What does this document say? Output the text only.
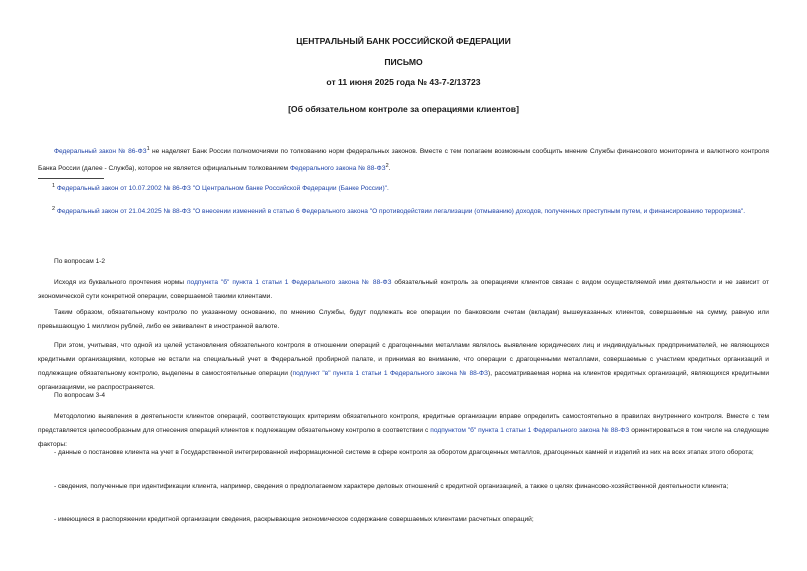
ЦЕНТРАЛЬНЫЙ БАНК РОССИЙСКОЙ ФЕДЕРАЦИИ
ПИСЬМО
от 11 июня 2025 года № 43-7-2/13723
[Об обязательном контроле за операциями клиентов]
Федеральный закон № $86-ФЗ^1$ не наделяет Банк России полномочиями по толкованию норм федеральных законов. Вместе с тем полагаем возможным сообщить мнение Службы финансового мониторинга и валютного контроля Банка России (далее - Служба), которое не является официальным толкованием Федерального закона № $88-ФЗ^2$.
$^1$ Федеральный закон от 10.07.2002 № 86-ФЗ "О Центральном банке Российской Федерации (Банке России)".
$^2$ Федеральный закон от 21.04.2025 № 88-ФЗ "О внесении изменений в статью 6 Федерального закона "О противодействии легализации (отмыванию) доходов, полученных преступным путем, и финансированию терроризма".
По вопросам 1-2
Исходя из буквального прочтения нормы подпункта "б" пункта 1 статьи 1 Федерального закона № 88-ФЗ обязательный контроль за операциями клиентов связан с видом осуществляемой ими деятельности и не зависит от экономической сути конкретной операции, совершаемой такими клиентами.
Таким образом, обязательному контролю по указанному основанию, по мнению Службы, будут подлежать все операции по банковским счетам (вкладам) вышеуказанных клиентов, совершаемые на сумму, равную или превышающую 1 миллион рублей, либо ее эквивалент в иностранной валюте.
При этом, учитывая, что одной из целей установления обязательного контроля в отношении операций с драгоценными металлами являлось выявление юридических лиц и индивидуальных предпринимателей, не являющихся кредитными организациями, которые не встали на специальный учет в Федеральной пробирной палате, и принимая во внимание, что операции с драгоценными металлами, совершаемые с участием кредитных организаций и подлежащие обязательному контролю, выделены в самостоятельные операции (подпункт "в" пункта 1 статьи 1 Федерального закона № 88-ФЗ), рассматриваемая норма на клиентов кредитных организаций, являющихся кредитными организациями, не распространяется.
По вопросам 3-4
Методологию выявления в деятельности клиентов операций, соответствующих критериям обязательного контроля, кредитные организации вправе определить самостоятельно в правилах внутреннего контроля. Вместе с тем представляется целесообразным для отнесения операций клиентов к подлежащим обязательному контролю в соответствии с подпунктом "б" пункта 1 статьи 1 Федерального закона № 88-ФЗ ориентироваться в том числе на следующие факторы:
- данные о постановке клиента на учет в Государственной интегрированной информационной системе в сфере контроля за оборотом драгоценных металлов, драгоценных камней и изделий из них на всех этапах этого оборота;
- сведения, полученные при идентификации клиента, например, сведения о предполагаемом характере деловых отношений с кредитной организацией, а также о целях финансово-хозяйственной деятельности клиента;
- имеющиеся в распоряжении кредитной организации сведения, раскрывающие экономическое содержание совершаемых клиентами расчетных операций;
